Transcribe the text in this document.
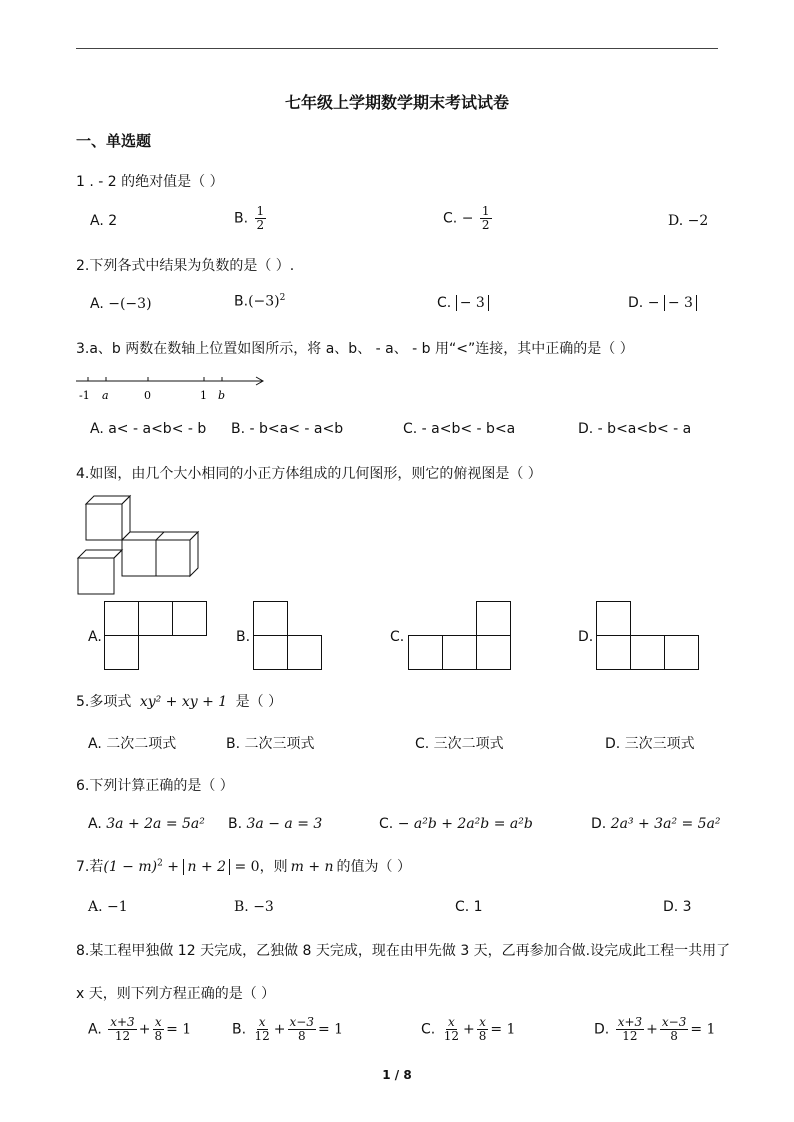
七年级上学期数学期末考试试卷
一、单选题
1 . - 2 的绝对值是（ ）
A. 2	B. $\frac{1}{2}$	C. − $\frac{1}{2}$	D. −2
2.下列各式中结果为负数的是（ ）.
A. −(−3)	$B.(-3)^2$	C. − 3	D. − − 3
3.a、b 两数在数轴上位置如图所示，将 a、b、 - a、 - b 用“<”连接，其中正确的是（ ）
-1 a	0	1 b
A. a< - a<b< - b B. - b<a< - a<b	C. - a<b< - b<a	D. - b<a<b< - a
4.如图，由几个大小相同的小正方体组成的几何图形，则它的俯视图是（ ）
A.	B.	C.	D.
5.多项式 xy² + xy + 1 是（ ）
A. 二次二项式	B. 二次三项式	C. 三次二项式	D. 三次三项式
6.下列计算正确的是（ ）
A. 3a + 2a = 5a² B. 3a − a = 3	C. − a²b + 2a²b = a²b	D. 2a³ + 3a² = 5a²
7.若$(1 - m)^2 + n + 2 = 0$，则 m + n 的值为（ ）
A. −1	B. −3	C. 1	D. 3
8.某工程甲独做 12 天完成，乙独做 8 天完成，现在由甲先做 3 天，乙再参加合做.设完成此工程一共用了
x 天，则下列方程正确的是（ ）
A. $\frac{x+3}{12} + \frac{x}{8} = 1$	B. $\frac{x}{12} + \frac{x-3}{8} = 1$	C. $\frac{x}{12} + \frac{x}{8} = 1$	D. $\frac{x+3}{12} + \frac{x-3}{8} = 1$
1 / 8
